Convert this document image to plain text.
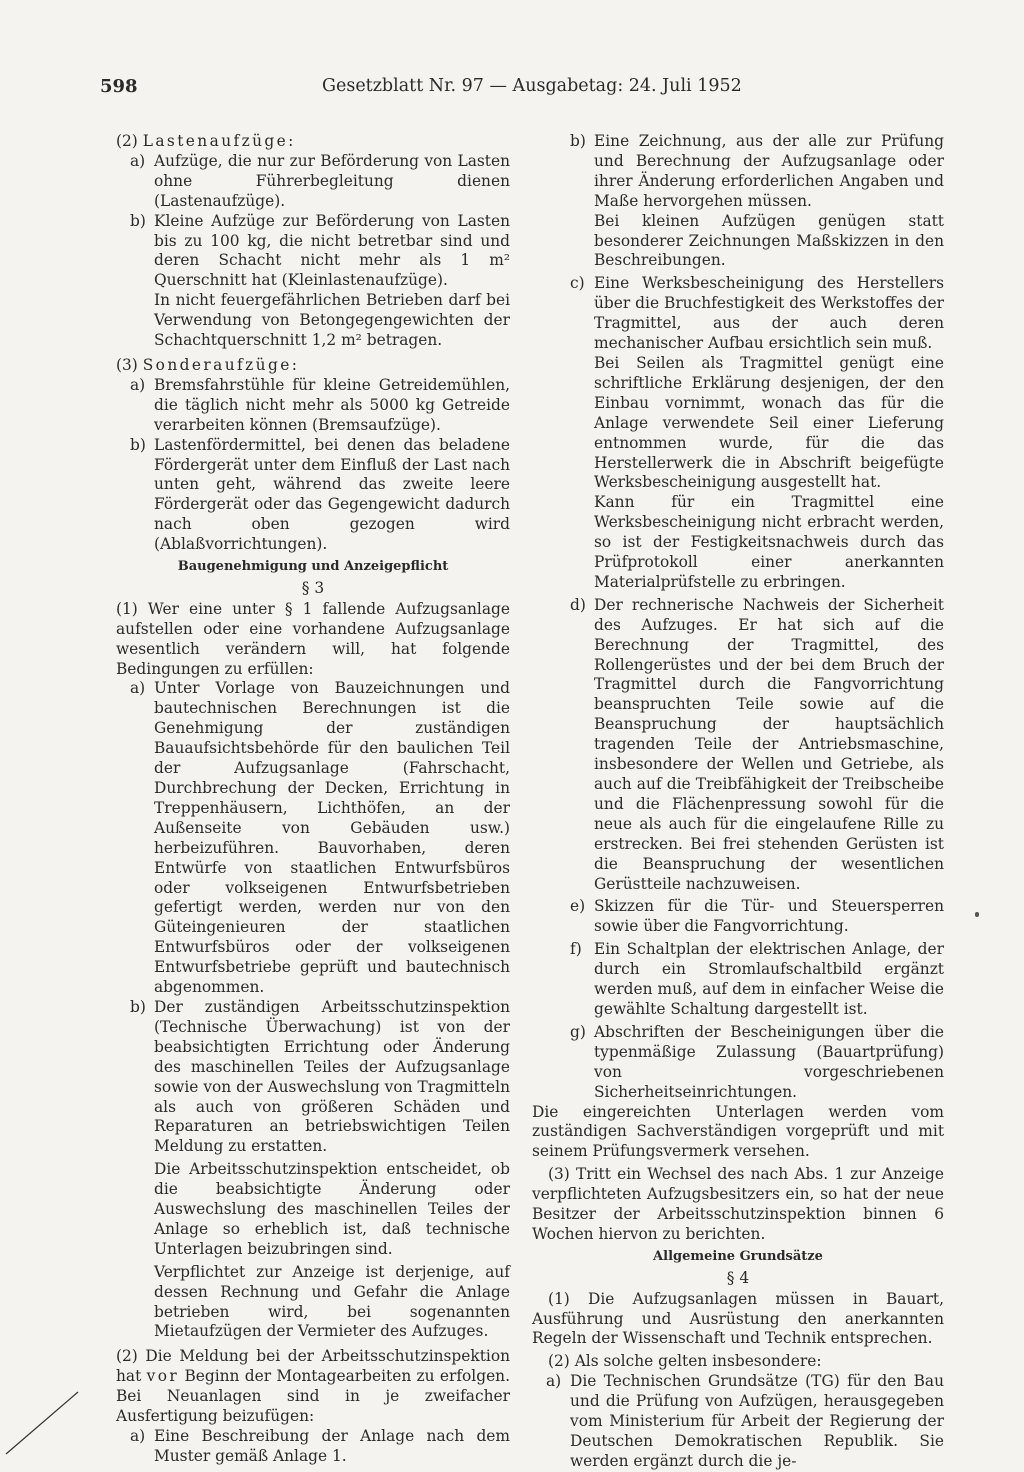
598	Gesetzblatt Nr. 97 — Ausgabetag: 24. Juli 1952

(2) Lastenaufzüge:

a) Aufzüge, die nur zur Beförderung von Lasten ohne Führerbegleitung dienen (Lastenaufzüge).
b) Kleine Aufzüge zur Beförderung von Lasten bis zu 100 kg, die nicht betretbar sind und deren Schacht nicht mehr als 1 m² Querschnitt hat (Kleinlastenaufzüge).

In nicht feuergefährlichen Betrieben darf bei Verwendung von Betongegengewichten der Schachtquerschnitt 1,2 m² betragen.

(3) Sonderaufzüge:

a) Bremsfahrstühle für kleine Getreidemühlen, die täglich nicht mehr als 5000 kg Getreide verarbeiten können (Bremsaufzüge).
b) Lastenfördermittel, bei denen das beladene Fördergerät unter dem Einfluß der Last nach unten geht, während das zweite leere Fördergerät oder das Gegengewicht dadurch nach oben gezogen wird (Ablaßvorrichtungen).

Baugenehmigung und Anzeigepflicht

§ 3

(1) Wer eine unter § 1 fallende Aufzugsanlage aufstellen oder eine vorhandene Aufzugsanlage wesentlich verändern will, hat folgende Bedingungen zu erfüllen:

a) Unter Vorlage von Bauzeichnungen und bautechnischen Berechnungen ist die Genehmigung der zuständigen Bauaufsichtsbehörde für den baulichen Teil der Aufzugsanlage (Fahrschacht, Durchbrechung der Decken, Errichtung in Treppenhäusern, Lichthöfen, an der Außenseite von Gebäuden usw.) herbeizuführen. Bauvorhaben, deren Entwürfe von staatlichen Entwurfsbüros oder volkseigenen Entwurfsbetrieben gefertigt werden, werden nur von den Güteingenieuren der staatlichen Entwurfsbüros oder der volkseigenen Entwurfsbetriebe geprüft und bautechnisch abgenommen.
b) Der zuständigen Arbeitsschutzinspektion (Technische Überwachung) ist von der beabsichtigten Errichtung oder Änderung des maschinellen Teiles der Aufzugsanlage sowie von der Auswechslung von Tragmitteln als auch von größeren Schäden und Reparaturen an betriebswichtigen Teilen Meldung zu erstatten.

Die Arbeitsschutzinspektion entscheidet, ob die beabsichtigte Änderung oder Auswechslung des maschinellen Teiles der Anlage so erheblich ist, daß technische Unterlagen beizubringen sind.

Verpflichtet zur Anzeige ist derjenige, auf dessen Rechnung und Gefahr die Anlage betrieben wird, bei sogenannten Mietaufzügen der Vermieter des Aufzuges.

(2) Die Meldung bei der Arbeitsschutzinspektion hat vor Beginn der Montagearbeiten zu erfolgen. Bei Neuanlagen sind in je zweifacher Ausfertigung beizufügen:

a) Eine Beschreibung der Anlage nach dem Muster gemäß Anlage 1.
b) Eine Zeichnung, aus der alle zur Prüfung und Berechnung der Aufzugsanlage oder ihrer Änderung erforderlichen Angaben und Maße hervorgehen müssen.

Bei kleinen Aufzügen genügen statt besonderer Zeichnungen Maßskizzen in den Beschreibungen.

c) Eine Werksbescheinigung des Herstellers über die Bruchfestigkeit des Werkstoffes der Tragmittel, aus der auch deren mechanischer Aufbau ersichtlich sein muß.

Bei Seilen als Tragmittel genügt eine schriftliche Erklärung desjenigen, der den Einbau vornimmt, wonach das für die Anlage verwendete Seil einer Lieferung entnommen wurde, für die das Herstellerwerk die in Abschrift beigefügte Werksbescheinigung ausgestellt hat.

Kann für ein Tragmittel eine Werksbescheinigung nicht erbracht werden, so ist der Festigkeitsnachweis durch das Prüfprotokoll einer anerkannten Materialprüfstelle zu erbringen.

d) Der rechnerische Nachweis der Sicherheit des Aufzuges. Er hat sich auf die Berechnung der Tragmittel, des Rollengerüstes und der bei dem Bruch der Tragmittel durch die Fangvorrichtung beanspruchten Teile sowie auf die Beanspruchung der hauptsächlich tragenden Teile der Antriebsmaschine, insbesondere der Wellen und Getriebe, als auch auf die Treibfähigkeit der Treibscheibe und die Flächenpressung sowohl für die neue als auch für die eingelaufene Rille zu erstrecken. Bei frei stehenden Gerüsten ist die Beanspruchung der wesentlichen Gerüstteile nachzuweisen.
e) Skizzen für die Tür- und Steuersperren sowie über die Fangvorrichtung.
f) Ein Schaltplan der elektrischen Anlage, der durch ein Stromlaufschaltbild ergänzt werden muß, auf dem in einfacher Weise die gewählte Schaltung dargestellt ist.
g) Abschriften der Bescheinigungen über die typenmäßige Zulassung (Bauartprüfung) von vorgeschriebenen Sicherheitseinrichtungen.

Die eingereichten Unterlagen werden vom zuständigen Sachverständigen vorgeprüft und mit seinem Prüfungsvermerk versehen.

(3) Tritt ein Wechsel des nach Abs. 1 zur Anzeige verpflichteten Aufzugsbesitzers ein, so hat der neue Besitzer der Arbeitsschutzinspektion binnen 6 Wochen hiervon zu berichten.

Allgemeine Grundsätze

§ 4

(1) Die Aufzugsanlagen müssen in Bauart, Ausführung und Ausrüstung den anerkannten Regeln der Wissenschaft und Technik entsprechen.

(2) Als solche gelten insbesondere:

a) Die Technischen Grundsätze (TG) für den Bau und die Prüfung von Aufzügen, herausgegeben vom Ministerium für Arbeit der Regierung der Deutschen Demokratischen Republik. Sie werden ergänzt durch die je-
